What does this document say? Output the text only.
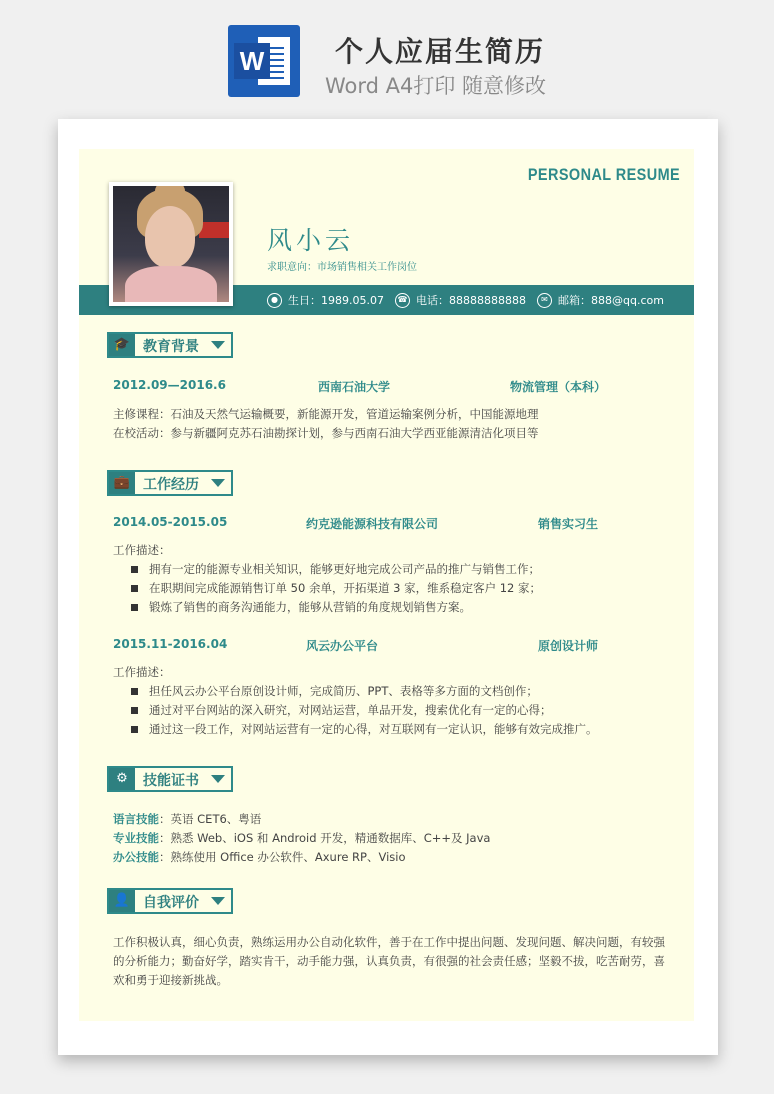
W	个人应届生简历
Word A4打印 随意修改
PERSONAL RESUME
风小云
求职意向：市场销售相关工作岗位
● 生日：1989.05.07	☎ 电话：88888888888	✉ 邮箱：888@qq.com
🎓 教育背景
2012.09—2016.6	西南石油大学	物流管理（本科）
主修课程：石油及天然气运输概要，新能源开发，管道运输案例分析，中国能源地理
在校活动：参与新疆阿克苏石油勘探计划，参与西南石油大学西亚能源清洁化项目等
💼 工作经历
2014.05-2015.05	约克逊能源科技有限公司	销售实习生
工作描述：
拥有一定的能源专业相关知识，能够更好地完成公司产品的推广与销售工作；
在职期间完成能源销售订单 50 余单，开拓渠道 3 家，维系稳定客户 12 家；
锻炼了销售的商务沟通能力，能够从营销的角度规划销售方案。
2015.11-2016.04	风云办公平台	原创设计师
工作描述：
担任风云办公平台原创设计师，完成简历、PPT、表格等多方面的文档创作；
通过对平台网站的深入研究，对网站运营，单品开发，搜索优化有一定的心得；
通过这一段工作，对网站运营有一定的心得，对互联网有一定认识，能够有效完成推广。
⚙	技能证书
语言技能：英语 CET6、粤语
专业技能：熟悉 Web、iOS 和 Android 开发，精通数据库、C++及 Java
办公技能：熟练使用 Office 办公软件、Axure RP、Visio
👤 自我评价
工作积极认真，细心负责，熟练运用办公自动化软件，善于在工作中提出问题、发现问题、解决问题，有较强的分析能力；勤奋好学，踏实肯干，动手能力强，认真负责，有很强的社会责任感；坚毅不拔，吃苦耐劳，喜欢和勇于迎接新挑战。
